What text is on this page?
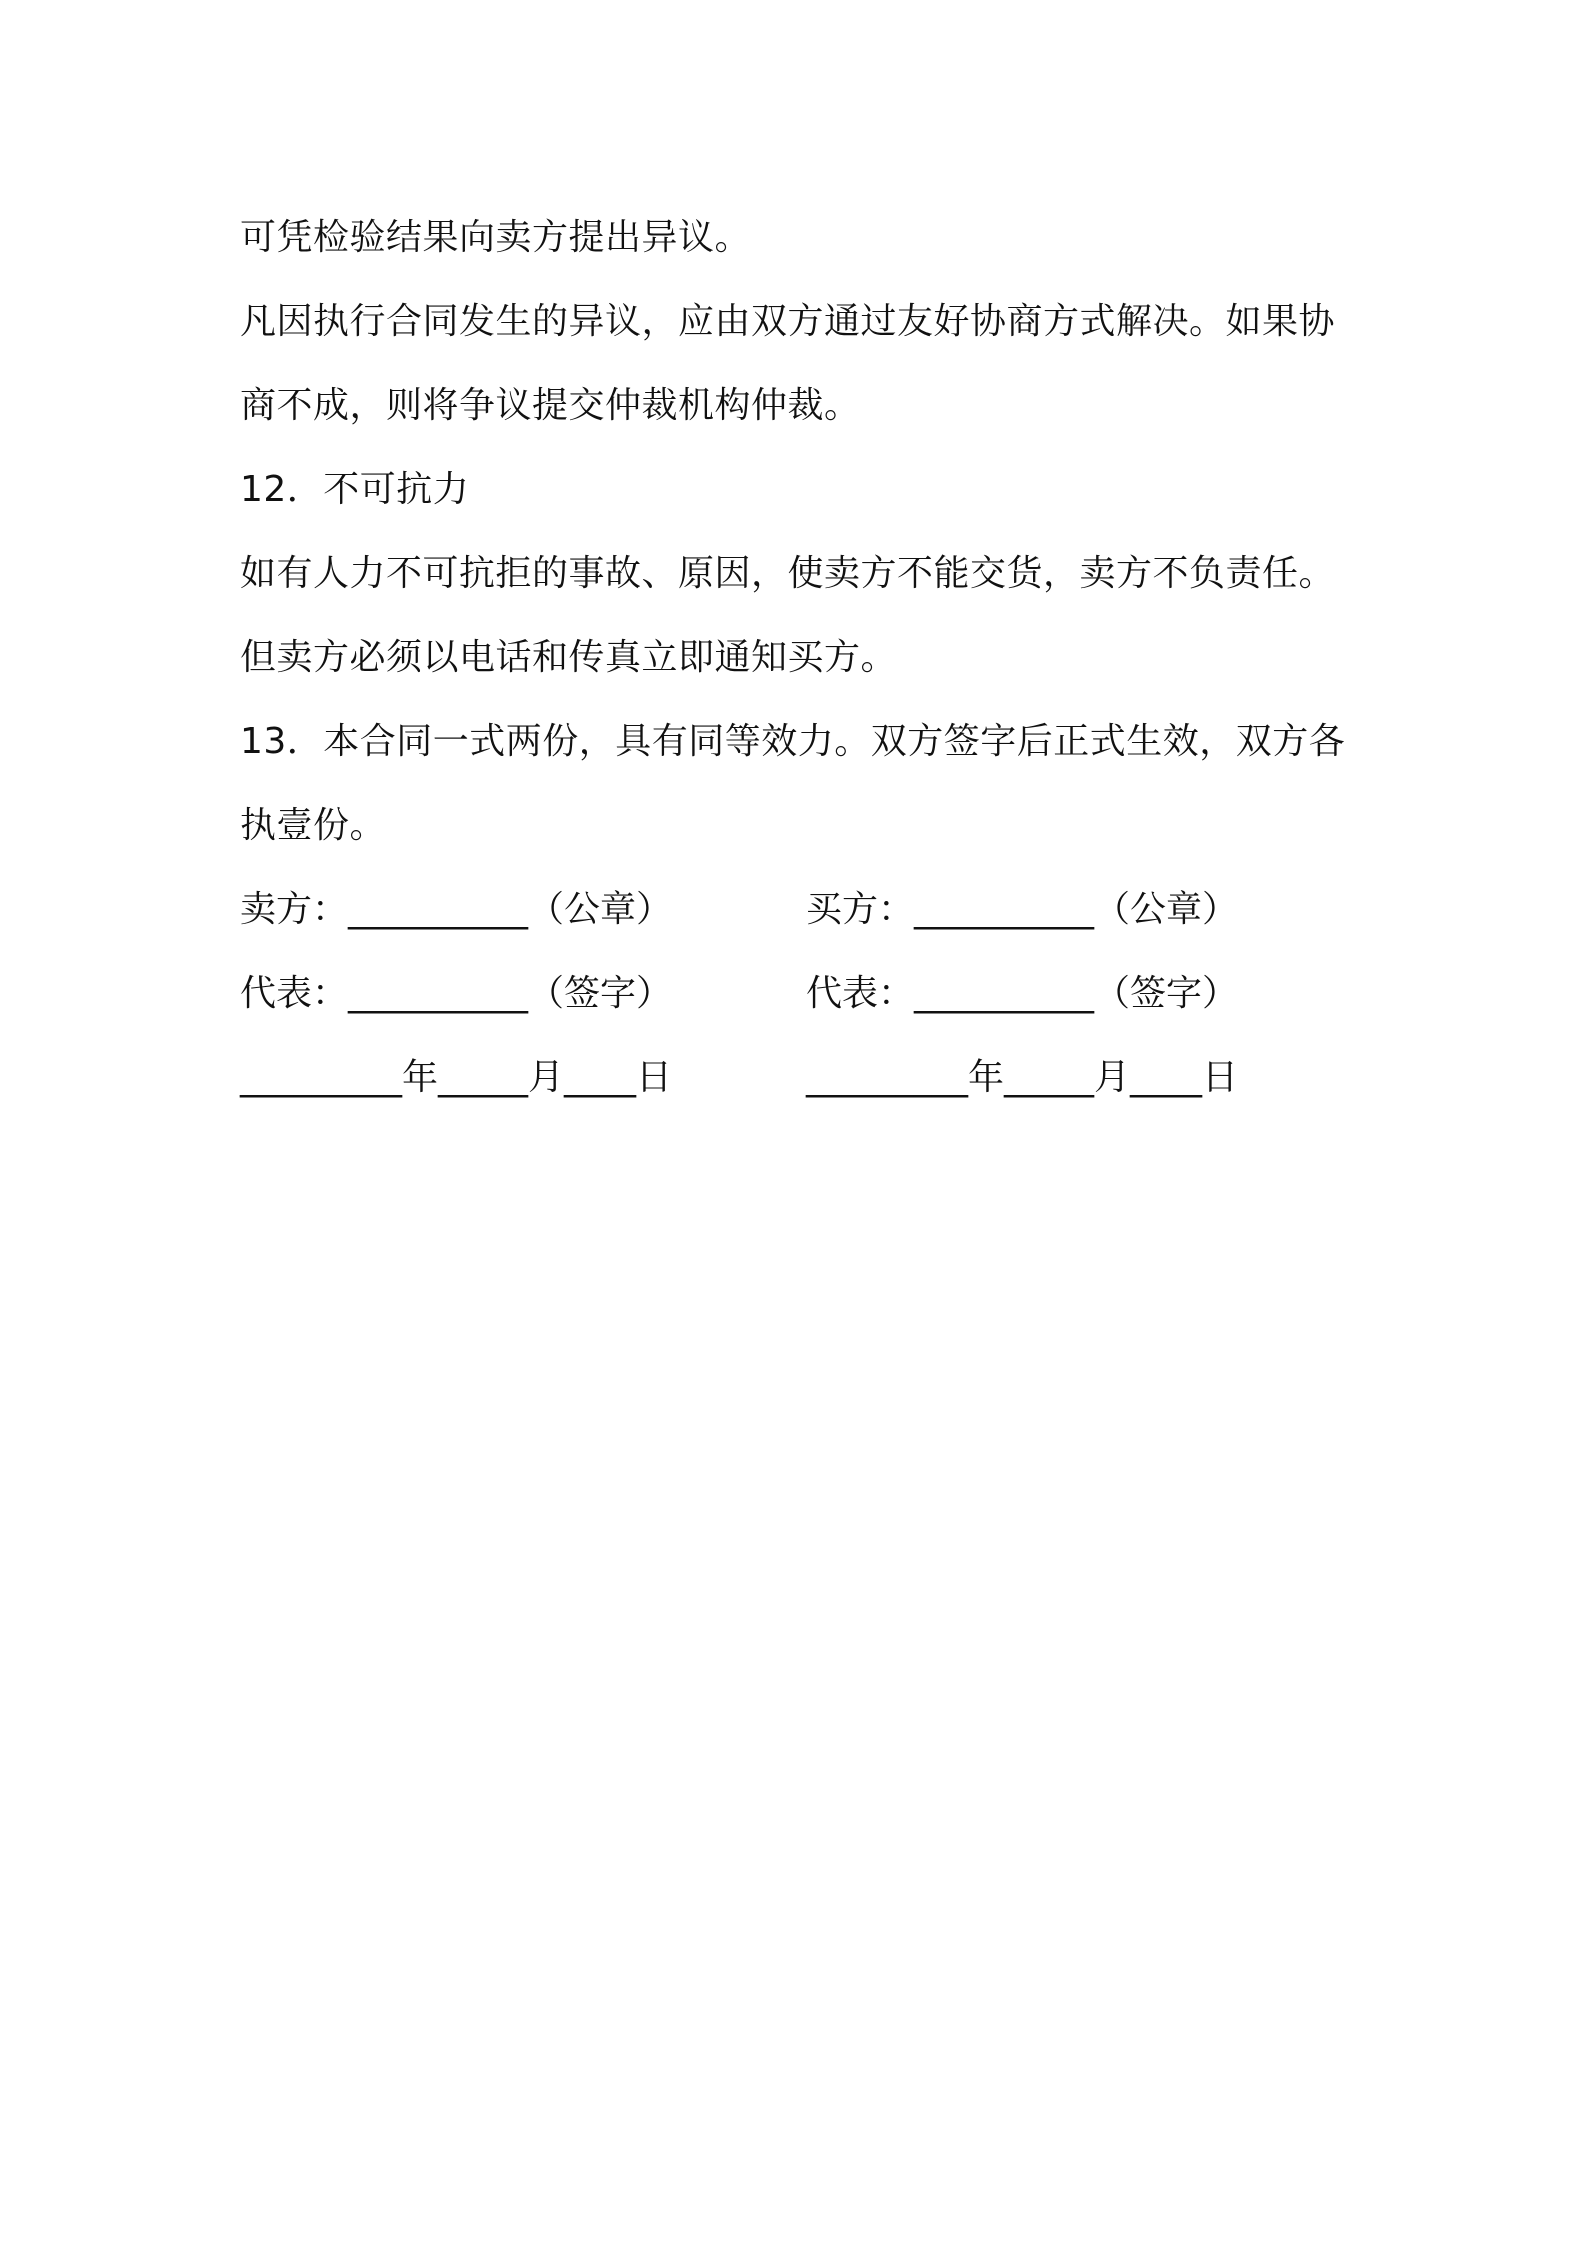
可凭检验结果向卖方提出异议。
凡因执行合同发生的异议，应由双方通过友好协商方式解决。如果协
商不成，则将争议提交仲裁机构仲裁。
12．不可抗力
如有人力不可抗拒的事故、原因，使卖方不能交货，卖方不负责任。
但卖方必须以电话和传真立即通知买方。
13．本合同一式两份，具有同等效力。双方签字后正式生效，双方各
执壹份。
卖方：__________（公章）	买方：__________（公章）
代表：__________（签字）	代表：__________（签字）
_________年_____月____日	_________年_____月____日
